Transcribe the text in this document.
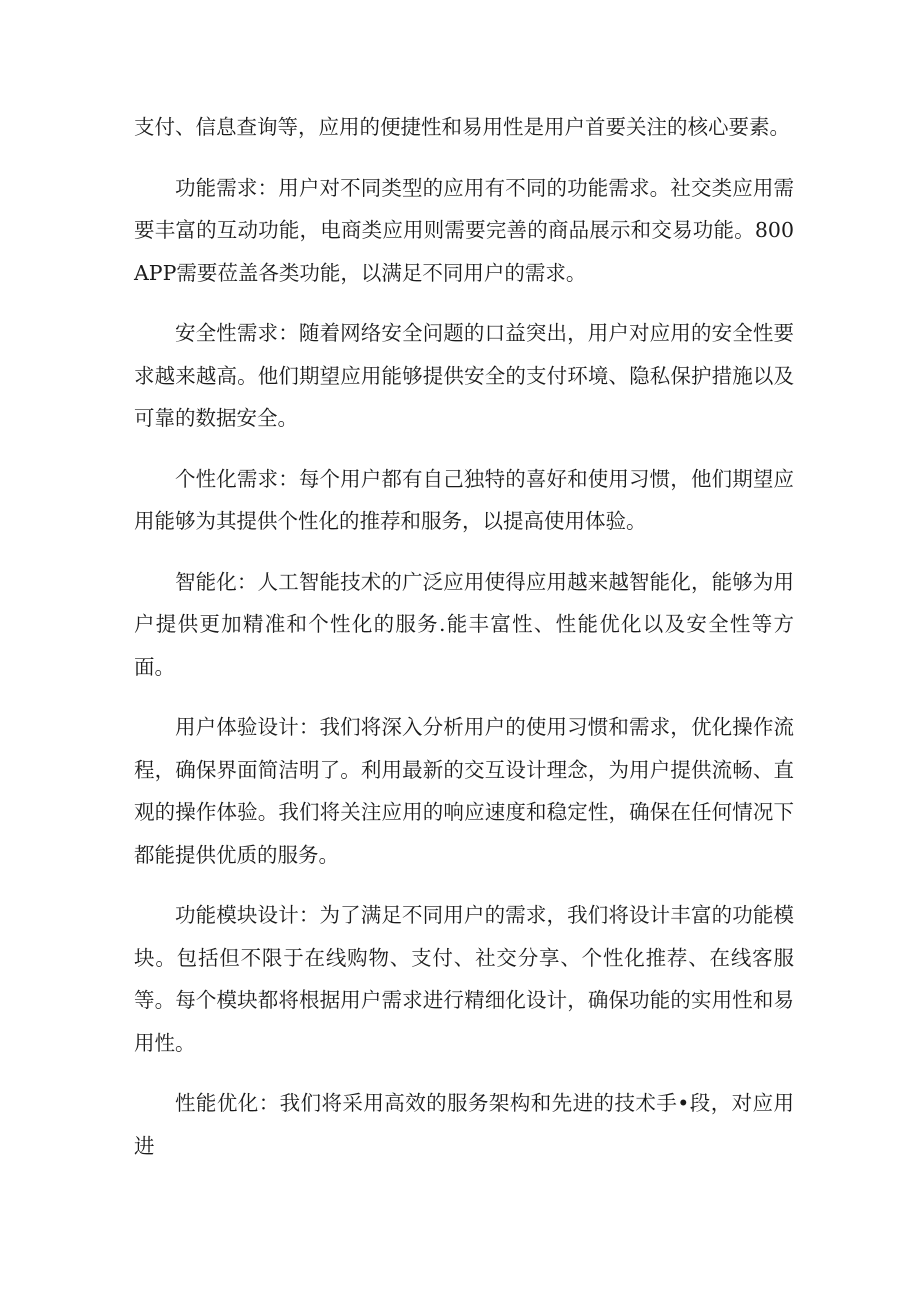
支付、信息查询等，应用的便捷性和易用性是用户首要关注的核心要素。

功能需求：用户对不同类型的应用有不同的功能需求。社交类应用需要丰富的互动功能，电商类应用则需要完善的商品展示和交易功能。800APP需要莅盖各类功能，以满足不同用户的需求。

安全性需求：随着网络安全问题的口益突出，用户对应用的安全性要求越来越高。他们期望应用能够提供安全的支付环境、隐私保护措施以及可靠的数据安全。

个性化需求：每个用户都有自己独特的喜好和使用习惯，他们期望应用能够为其提供个性化的推荐和服务，以提高使用体验。

智能化：人工智能技术的广泛应用使得应用越来越智能化，能够为用户提供更加精准和个性化的服务.能丰富性、性能优化以及安全性等方面。

用户体验设计：我们将深入分析用户的使用习惯和需求，优化操作流程，确保界面简洁明了。利用最新的交互设计理念，为用户提供流畅、直观的操作体验。我们将关注应用的响应速度和稳定性，确保在任何情况下都能提供优质的服务。

功能模块设计：为了满足不同用户的需求，我们将设计丰富的功能模块。包括但不限于在线购物、支付、社交分享、个性化推荐、在线客服等。每个模块都将根据用户需求进行精细化设计，确保功能的实用性和易用性。

性能优化：我们将采用高效的服务架构和先进的技术手•段，对应用进
